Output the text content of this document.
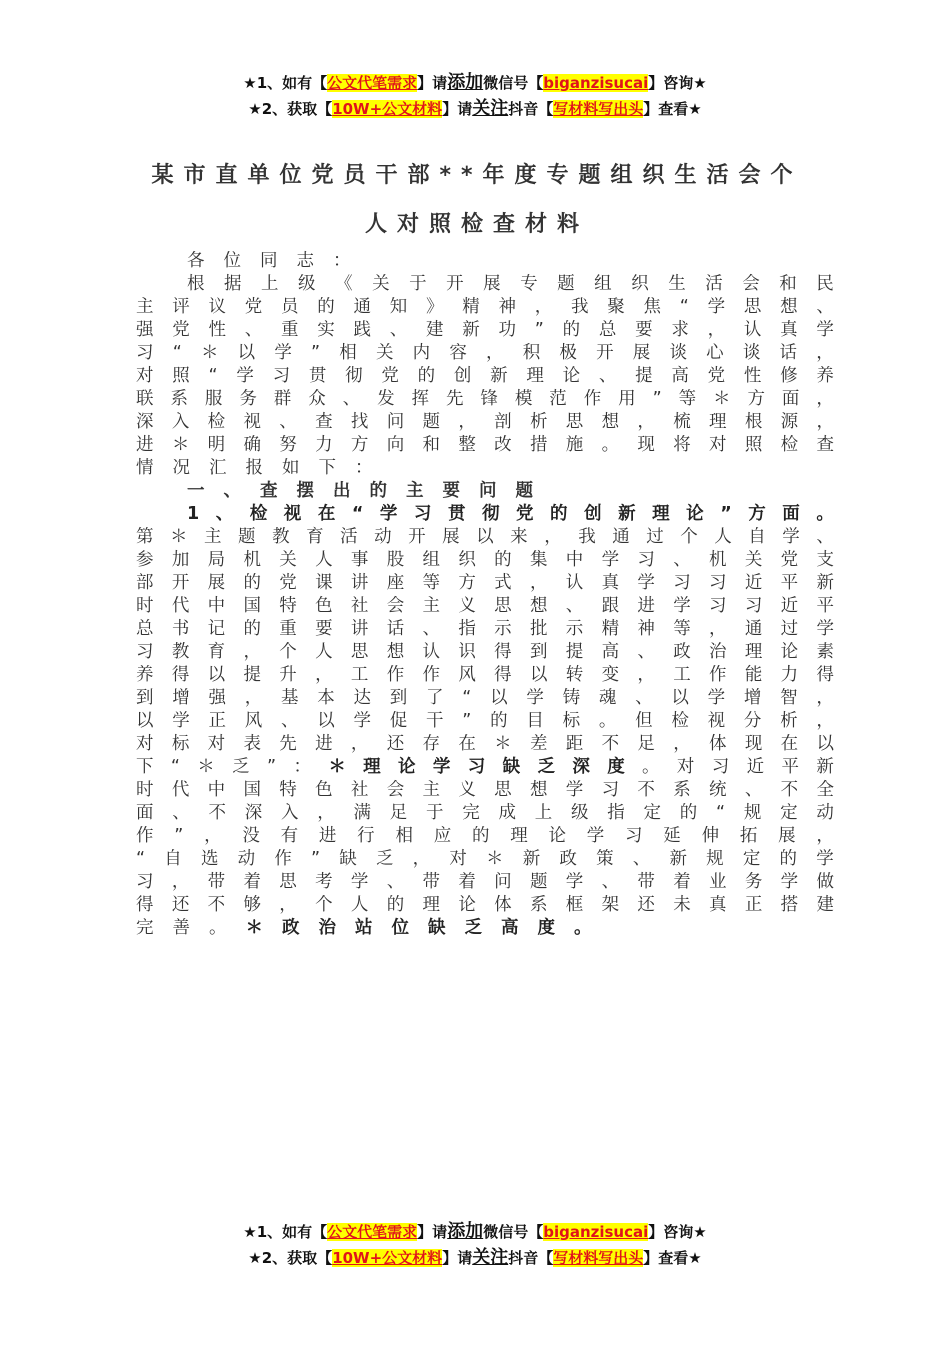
★1、如有【公文代笔需求】请添加微信号【biganzisucai】咨询★
★2、获取【10W+公文材料】请关注抖音【写材料写出头】查看★
某市直单位党员干部**年度专题组织生活会个
人对照检查材料
各 位 同 志 ：
根 据 上 级 《 关 于 开 展 专 题 组 织 生 活 会 和 民
主 评 议 党 员 的 通 知 》 精 神 ， 我 聚 焦 “ 学 思 想 、
强 党 性 、 重 实 践 、 建 新 功 ” 的 总 要 求 ， 认 真 学
习 “ ＊ 以 学 ” 相 关 内 容 ， 积 极 开 展 谈 心 谈 话 ，
对 照 “ 学 习 贯 彻 党 的 创 新 理 论 、 提 高 党 性 修 养
联 系 服 务 群 众 、 发 挥 先 锋 模 范 作 用 ” 等 ＊ 方 面 ，
深 入 检 视 、 查 找 问 题 ， 剖 析 思 想 ， 梳 理 根 源 ，
进 ＊ 明 确 努 力 方 向 和 整 改 措 施 。 现 将 对 照 检 查
情 况 汇 报 如 下 ：
一 、 查 摆 出 的 主 要 问 题
1 、 检 视 在 “ 学 习 贯 彻 党 的 创 新 理 论 ” 方 面 。
第 ＊ 主 题 教 育 活 动 开 展 以 来 ， 我 通 过 个 人 自 学 、
参 加 局 机 关 人 事 股 组 织 的 集 中 学 习 、 机 关 党 支
部 开 展 的 党 课 讲 座 等 方 式 ， 认 真 学 习 习 近 平 新
时 代 中 国 特 色 社 会 主 义 思 想 、 跟 进 学 习 习 近 平
总 书 记 的 重 要 讲 话 、 指 示 批 示 精 神 等 ， 通 过 学
习 教 育 ， 个 人 思 想 认 识 得 到 提 高 、 政 治 理 论 素
养 得 以 提 升 ， 工 作 作 风 得 以 转 变 ， 工 作 能 力 得
到 增 强 ， 基 本 达 到 了 “ 以 学 铸 魂 、 以 学 增 智 ，
以 学 正 风 、 以 学 促 干 ” 的 目 标 。 但 检 视 分 析 ，
对 标 对 表 先 进 ， 还 存 在 ＊ 差 距 不 足 ， 体 现 在 以
下 “ ＊ 乏 ” ： ＊ 理 论 学 习 缺 乏 深 度 。 对 习 近 平 新
时 代 中 国 特 色 社 会 主 义 思 想 学 习 不 系 统 、 不 全
面 、 不 深 入 ， 满 足 于 完 成 上 级 指 定 的 “ 规 定 动
作 ” ， 没 有 进 行 相 应 的 理 论 学 习 延 伸 拓 展 ，
“ 自 选 动 作 ” 缺 乏 ， 对 ＊ 新 政 策 、 新 规 定 的 学
习 ， 带 着 思 考 学 、 带 着 问 题 学 、 带 着 业 务 学 做
得 还 不 够 ， 个 人 的 理 论 体 系 框 架 还 未 真 正 搭 建
完 善 。 ＊ 政 治 站 位 缺 乏 高 度 。
★1、如有【公文代笔需求】请添加微信号【biganzisucai】咨询★
★2、获取【10W+公文材料】请关注抖音【写材料写出头】查看★
